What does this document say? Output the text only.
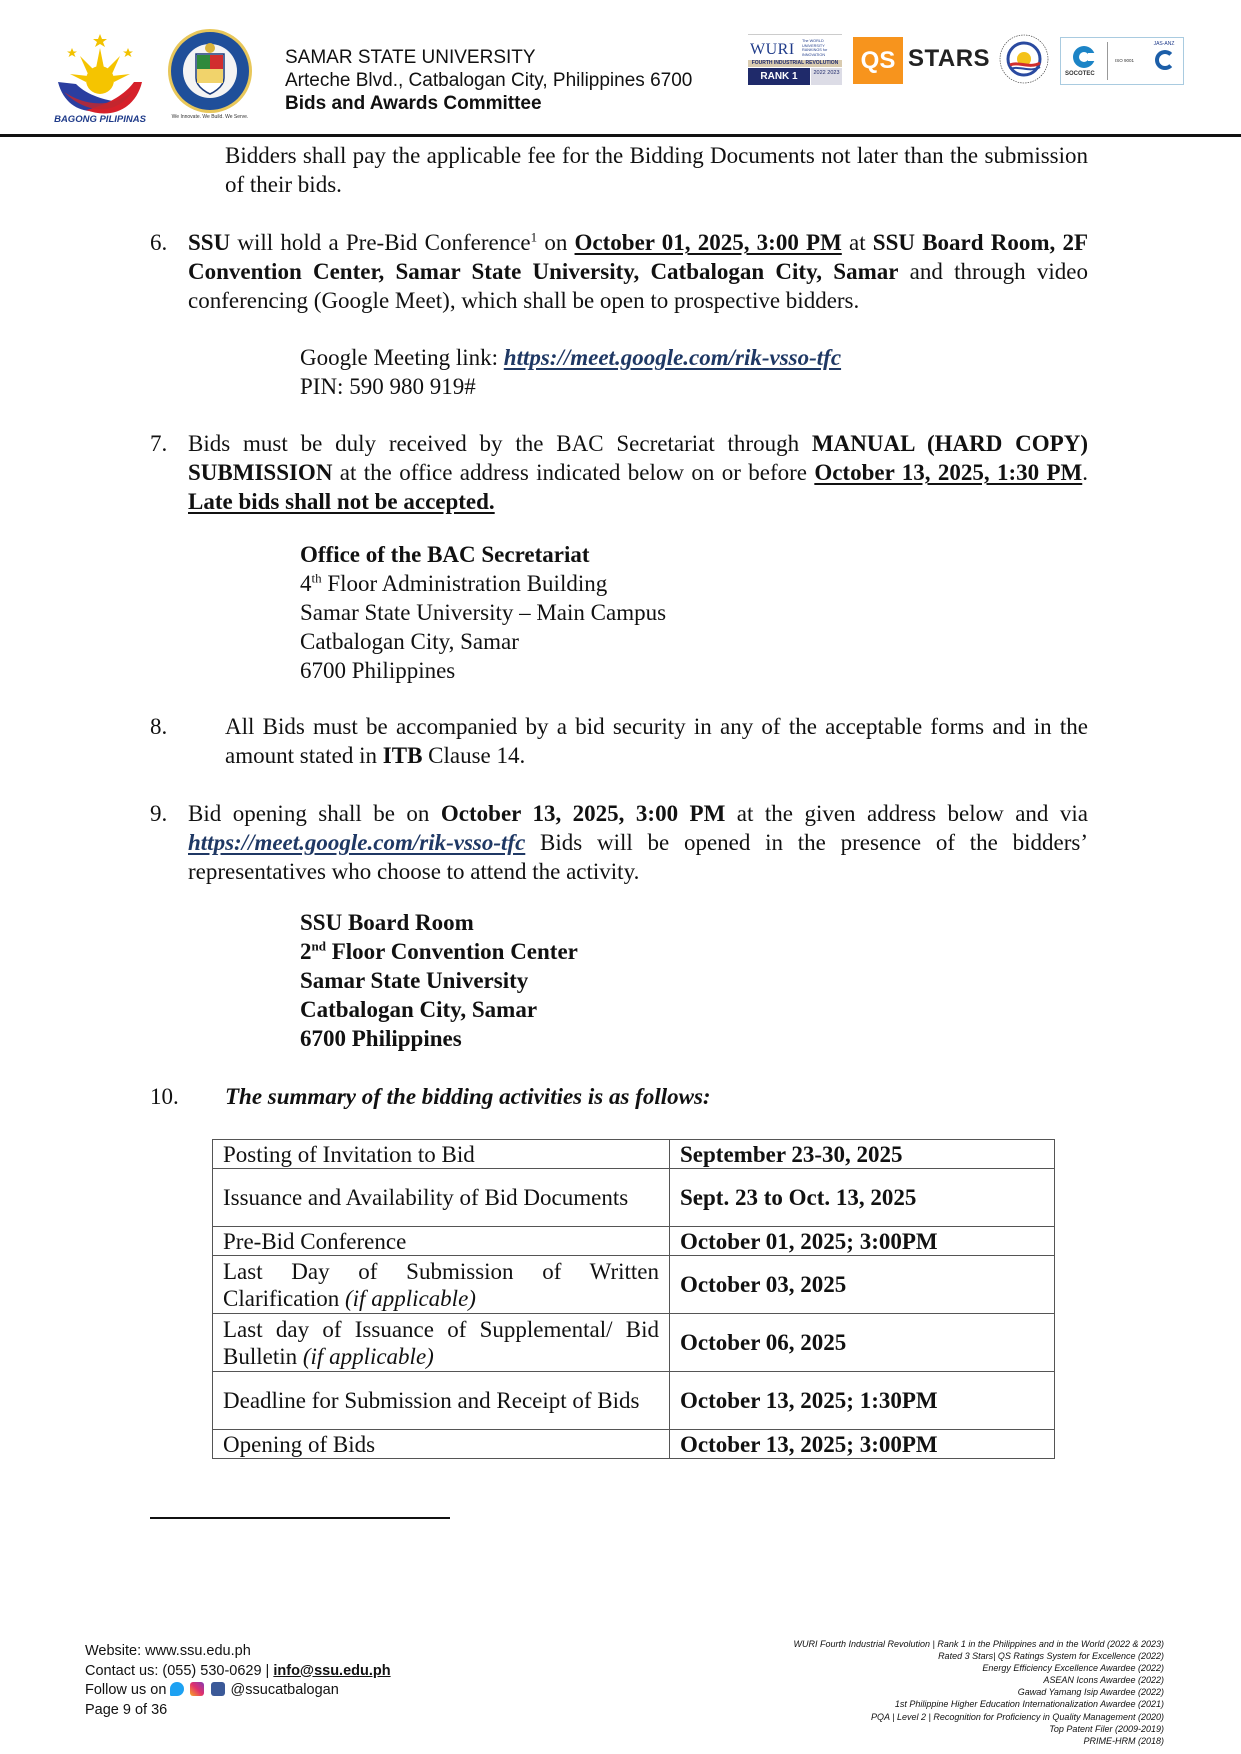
BAGONG PILIPINAS	We Innovate. We Build. We Serve.
SAMAR STATE UNIVERSITY
Arteche Blvd., Catbalogan City, Philippines 6700
Bids and Awards Committee
WURI The WORLD UNIVERSITY RANKINGS for INNOVATION
FOURTH INDUSTRIAL REVOLUTION
RANK 1	2022 2023 QS STARS
SOCOTEC
ISO 9001
JAS-ANZ
Bidders shall pay the applicable fee for the Bidding Documents not later than the submission of their bids.
6. SSU will hold a Pre-Bid Conference$^1$ on October 01, 2025, 3:00 PM at SSU Board Room, 2F Convention Center, Samar State University, Catbalogan City, Samar and through video conferencing (Google Meet), which shall be open to prospective bidders.
Google Meeting link: https://meet.google.com/rik-vsso-tfc
PIN: 590 980 919#
7. Bids must be duly received by the BAC Secretariat through MANUAL (HARD COPY) SUBMISSION at the office address indicated below on or before October 13, 2025, 1:30 PM. Late bids shall not be accepted.
Office of the BAC Secretariat
4th Floor Administration Building
Samar State University – Main Campus
Catbalogan City, Samar
6700 Philippines
8.	All Bids must be accompanied by a bid security in any of the acceptable forms and in the amount stated in ITB Clause 14.
9. Bid opening shall be on October 13, 2025, 3:00 PM at the given address below and via https://meet.google.com/rik-vsso-tfc Bids will be opened in the presence of the bidders’ representatives who choose to attend the activity.
SSU Board Room
2nd Floor Convention Center
Samar State University
Catbalogan City, Samar
6700 Philippines
10. The summary of the bidding activities is as follows:
Posting of Invitation to Bid	September 23-30, 2025
Issuance and Availability of Bid Documents	Sept. 23 to Oct. 13, 2025
Pre-Bid Conference	October 01, 2025; 3:00PM
Last Day of Submission of Written Clarification (if applicable)	October 03, 2025
Last day of Issuance of Supplemental/ Bid Bulletin (if applicable)	October 06, 2025
Deadline for Submission and Receipt of Bids	October 13, 2025; 1:30PM
Opening of Bids	October 13, 2025; 3:00PM
Website: www.ssu.edu.ph
Contact us: (055) 530-0629 | info@ssu.edu.ph
Follow us on	@ssucatbalogan
Page 9 of 36
WURI Fourth Industrial Revolution | Rank 1 in the Philippines and in the World (2022 & 2023)
Rated 3 Stars| QS Ratings System for Excellence (2022)
Energy Efficiency Excellence Awardee (2022)
ASEAN Icons Awardee (2022)
Gawad Yamang Isip Awardee (2022)
1st Philippine Higher Education Internationalization Awardee (2021)
PQA | Level 2 | Recognition for Proficiency in Quality Management (2020)
Top Patent Filer (2009-2019)
PRIME-HRM (2018)
